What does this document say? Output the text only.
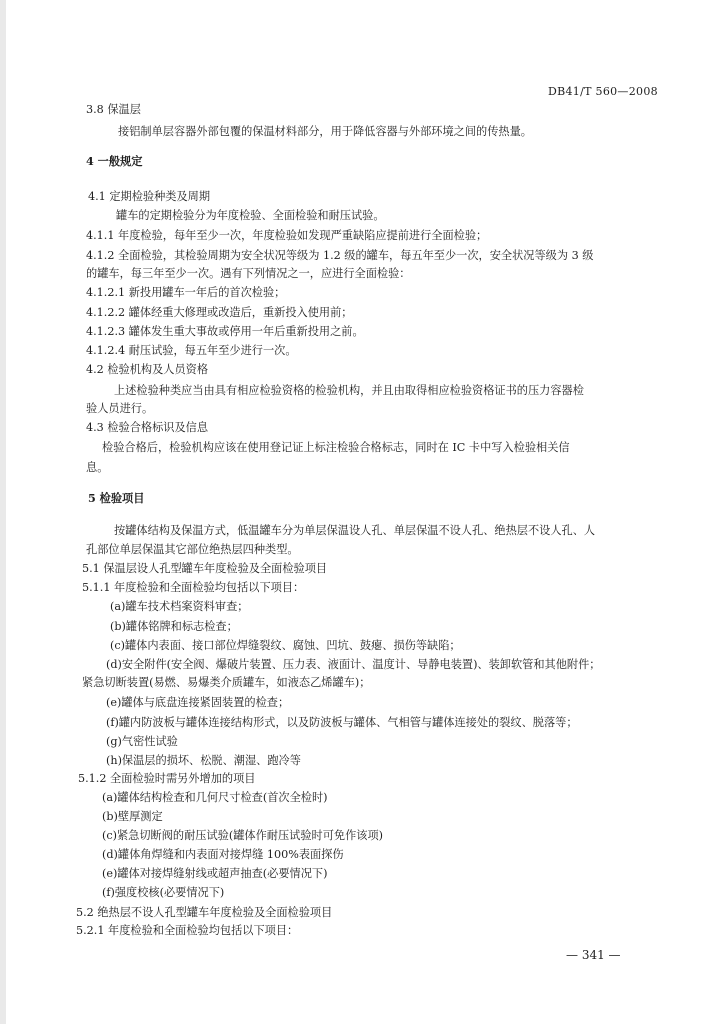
DB41/T 560—2008
3.8 保温层
接铝制单层容器外部包覆的保温材料部分，用于降低容器与外部环境之间的传热量。
4 一般规定
4.1 定期检验种类及周期
罐车的定期检验分为年度检验、全面检验和耐压试验。
4.1.1 年度检验，每年至少一次，年度检验如发现严重缺陷应提前进行全面检验；
4.1.2 全面检验，其检验周期为安全状况等级为 1.2 级的罐车，每五年至少一次，安全状况等级为 3 级
的罐车，每三年至少一次。遇有下列情况之一，应进行全面检验：
4.1.2.1 新投用罐车一年后的首次检验；
4.1.2.2 罐体经重大修理或改造后，重新投入使用前；
4.1.2.3 罐体发生重大事故或停用一年后重新投用之前。
4.1.2.4 耐压试验，每五年至少进行一次。
4.2 检验机构及人员资格
上述检验种类应当由具有相应检验资格的检验机构，并且由取得相应检验资格证书的压力容器检
验人员进行。
4.3 检验合格标识及信息
检验合格后，检验机构应该在使用登记证上标注检验合格标志，同时在 IC 卡中写入检验相关信
息。
5 检验项目
按罐体结构及保温方式，低温罐车分为单层保温设人孔、单层保温不设人孔、绝热层不设人孔、人
孔部位单层保温其它部位绝热层四种类型。
5.1 保温层设人孔型罐车年度检验及全面检验项目
5.1.1 年度检验和全面检验均包括以下项目：
(a)罐车技术档案资料审查；
(b)罐体铭牌和标志检查；
(c)罐体内表面、接口部位焊缝裂纹、腐蚀、凹坑、鼓瘪、损伤等缺陷；
(d)安全附件(安全阀、爆破片装置、压力表、液面计、温度计、导静电装置)、装卸软管和其他附件；
紧急切断装置(易燃、易爆类介质罐车，如液态乙烯罐车)；
(e)罐体与底盘连接紧固装置的检查；
(f)罐内防波板与罐体连接结构形式，以及防波板与罐体、气相管与罐体连接处的裂纹、脱落等；
(g)气密性试验
(h)保温层的损坏、松脱、潮湿、跑冷等
5.1.2 全面检验时需另外增加的项目
(a)罐体结构检查和几何尺寸检查(首次全检时)
(b)壁厚测定
(c)紧急切断阀的耐压试验(罐体作耐压试验时可免作该项)
(d)罐体角焊缝和内表面对接焊缝 100%表面探伤
(e)罐体对接焊缝射线或超声抽查(必要情况下)
(f)强度校核(必要情况下)
5.2 绝热层不设人孔型罐车年度检验及全面检验项目
5.2.1 年度检验和全面检验均包括以下项目：
— 341 —
